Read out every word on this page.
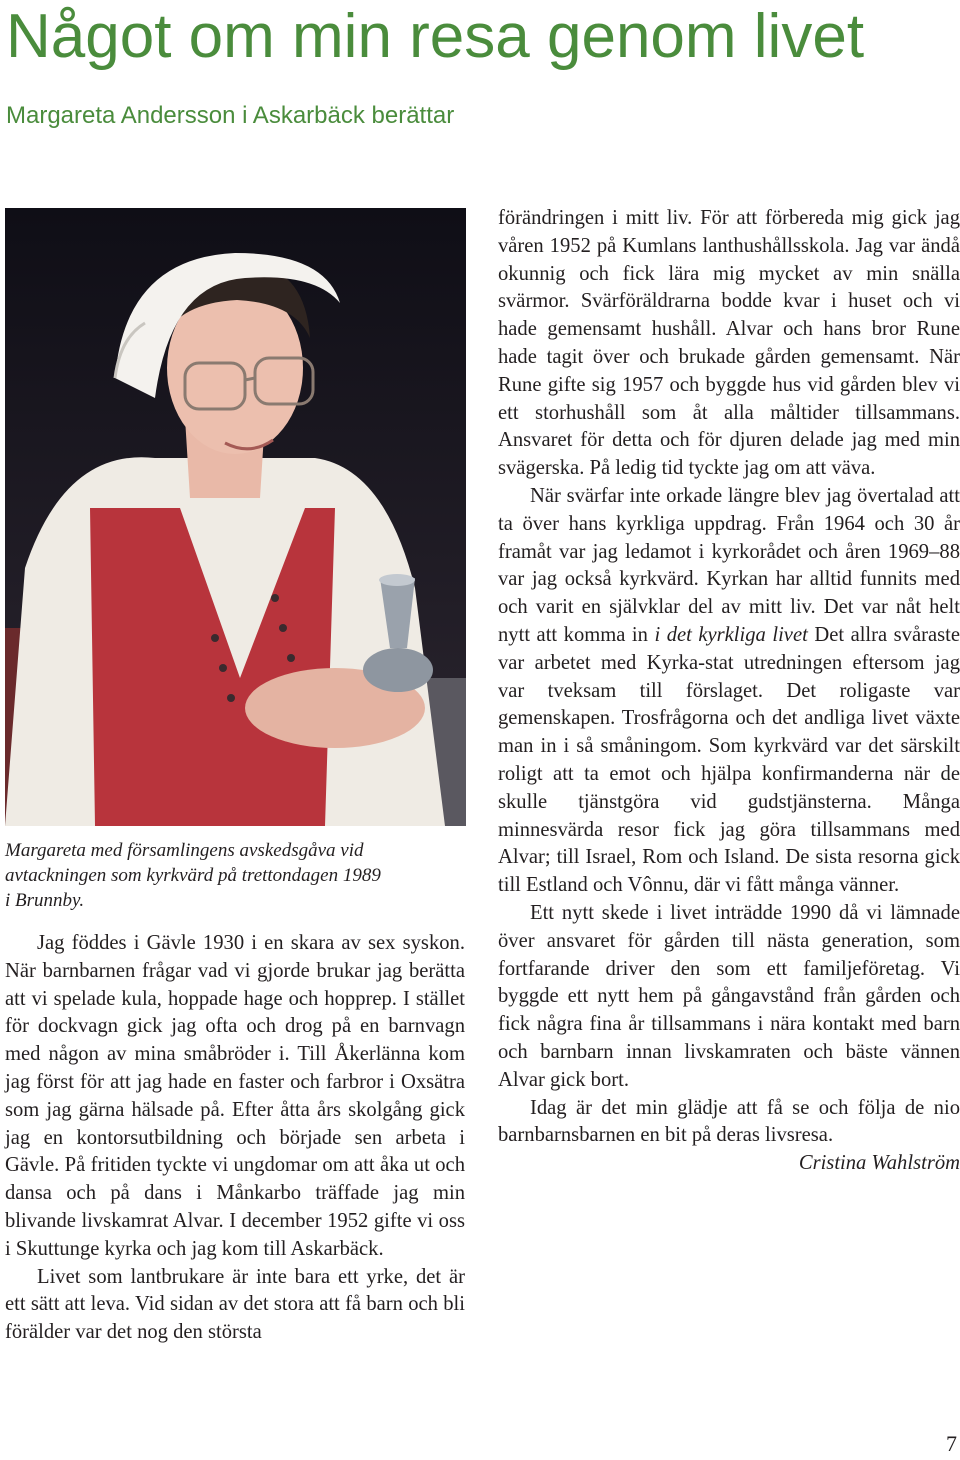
Något om min resa genom livet
Margareta Andersson i Askarbäck berättar

Margareta med församlingens avskedsgåva vid

avtackningen som kyrkvärd på trettondagen 1989

i Brunnby.

Jag föddes i Gävle 1930 i en skara av sex syskon. När barnbarnen frågar vad vi gjorde brukar jag berätta att vi spelade kula, hoppade hage och hopprep. I stället för dockvagn gick jag ofta och drog på en barnvagn med någon av mina småbröder i. Till Åkerlänna kom jag först för att jag hade en faster och farbror i Oxsätra som jag gärna hälsade på. Efter åtta års skolgång gick jag en kontorsutbildning och började sen arbeta i Gävle. På fritiden tyckte vi ungdomar om att åka ut och dansa och på dans i Månkarbo träffade jag min blivande livskamrat Alvar. I december 1952 gifte vi oss i Skuttunge kyrka och jag kom till Askarbäck.

Livet som lantbrukare är inte bara ett yrke, det är ett sätt att leva. Vid sidan av det stora att få barn och bli förälder var det nog den största

förändringen i mitt liv. För att förbereda mig gick jag våren 1952 på Kumlans lanthushållsskola. Jag var ändå okunnig och fick lära mig mycket av min snälla svärmor. Svärföräldrarna bodde kvar i huset och vi hade gemensamt hushåll. Alvar och hans bror Rune hade tagit över och brukade gården gemensamt. När Rune gifte sig 1957 och byggde hus vid gården blev vi ett storhushåll som åt alla måltider tillsammans. Ansvaret för detta och för djuren delade jag med min svägerska. På ledig tid tyckte jag om att väva.

När svärfar inte orkade längre blev jag övertalad att ta över hans kyrkliga uppdrag. Från 1964 och 30 år framåt var jag ledamot i kyrkorådet och åren 1969–88 var jag också kyrkvärd. Kyrkan har alltid funnits med och varit en självklar del av mitt liv. Det var nåt helt nytt att komma in i det kyrkliga livet Det allra svåraste var arbetet med Kyrka-stat utredningen eftersom jag var tveksam till förslaget. Det roligaste var gemenskapen. Trosfrågorna och det andliga livet växte man in i så småningom. Som kyrkvärd var det särskilt roligt att ta emot och hjälpa konfirmanderna när de skulle tjänstgöra vid gudstjänsterna. Många minnesvärda resor fick jag göra tillsammans med Alvar; till Israel, Rom och Island. De sista resorna gick till Estland och Vônnu, där vi fått många vänner.

Ett nytt skede i livet inträdde 1990 då vi lämnade över ansvaret för gården till nästa generation, som fortfarande driver den som ett familjeföretag. Vi byggde ett nytt hem på gångavstånd från gården och fick några fina år tillsammans i nära kontakt med barn och barnbarn innan livskamraten och bäste vännen Alvar gick bort.

Idag är det min glädje att få se och följa de nio barnbarnsbarnen en bit på deras livsresa.

Cristina Wahlström

7
